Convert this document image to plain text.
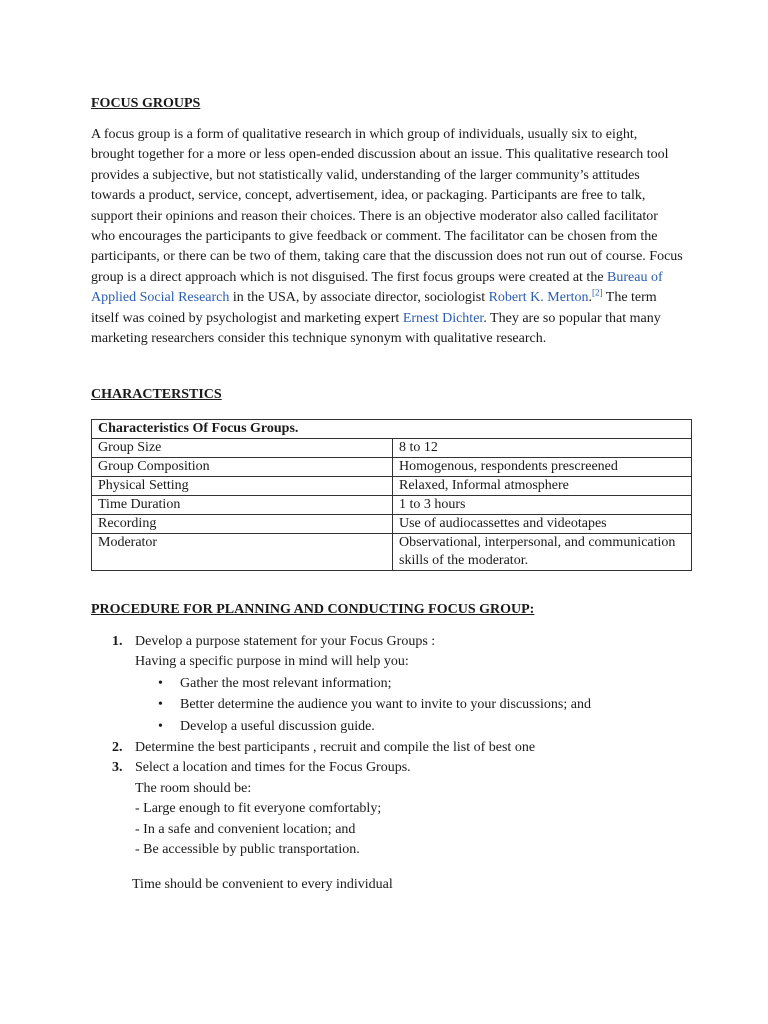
FOCUS GROUPS

A focus group is a form of qualitative research in which group of individuals, usually six to eight, brought together for a more or less open-ended discussion about an issue. This qualitative research tool provides a subjective, but not statistically valid, understanding of the larger community’s attitudes towards a product, service, concept, advertisement, idea, or packaging. Participants are free to talk, support their opinions and reason their choices. There is an objective moderator also called facilitator who encourages the participants to give feedback or comment. The facilitator can be chosen from the participants, or there can be two of them, taking care that the discussion does not run out of course. Focus group is a direct approach which is not disguised. The first focus groups were created at the Bureau of Applied Social Research in the USA, by associate director, sociologist Robert K. Merton.[2] The term itself was coined by psychologist and marketing expert Ernest Dichter. They are so popular that many marketing researchers consider this technique synonym with qualitative research.

CHARACTERSTICS
Characteristics Of Focus Groups.	
Group Size	8 to 12
Group Composition	Homogenous, respondents prescreened
Physical Setting	Relaxed, Informal atmosphere
Time Duration	1 to 3 hours
Recording	Use of audiocassettes and videotapes
Moderator	Observational, interpersonal, and communication skills of the moderator.
PROCEDURE FOR PLANNING AND CONDUCTING FOCUS GROUP:
1. Develop a purpose statement for your Focus Groups :
Having a specific purpose in mind will help you:
• Gather the most relevant information;
• Better determine the audience you want to invite to your discussions; and
• Develop a useful discussion guide.
2. Determine the best participants , recruit and compile the list of best one
3. Select a location and times for the Focus Groups.
The room should be:
- Large enough to fit everyone comfortably;
- In a safe and convenient location; and
- Be accessible by public transportation.
Time should be convenient to every individual
